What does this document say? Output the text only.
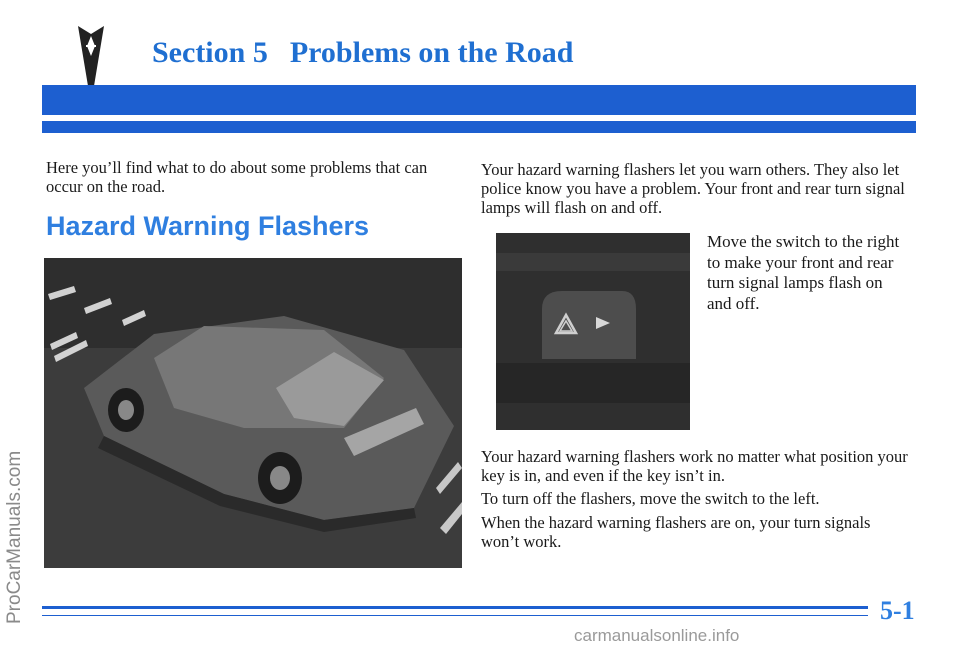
Section 5 Problems on the Road
ProCarManuals.com

Here you’ll find what to do about some problems that can occur on the road.

Hazard Warning Flashers

Your hazard warning flashers let you warn others. They also let police know you have a problem. Your front and rear turn signal lamps will flash on and off.

Move the switch to the right to make your front and rear turn signal lamps flash on and off.

Your hazard warning flashers work no matter what position your key is in, and even if the key isn’t in.

To turn off the flashers, move the switch to the left.

When the hazard warning flashers are on, your turn signals won’t work.

5-1

carmanualsonline.info
